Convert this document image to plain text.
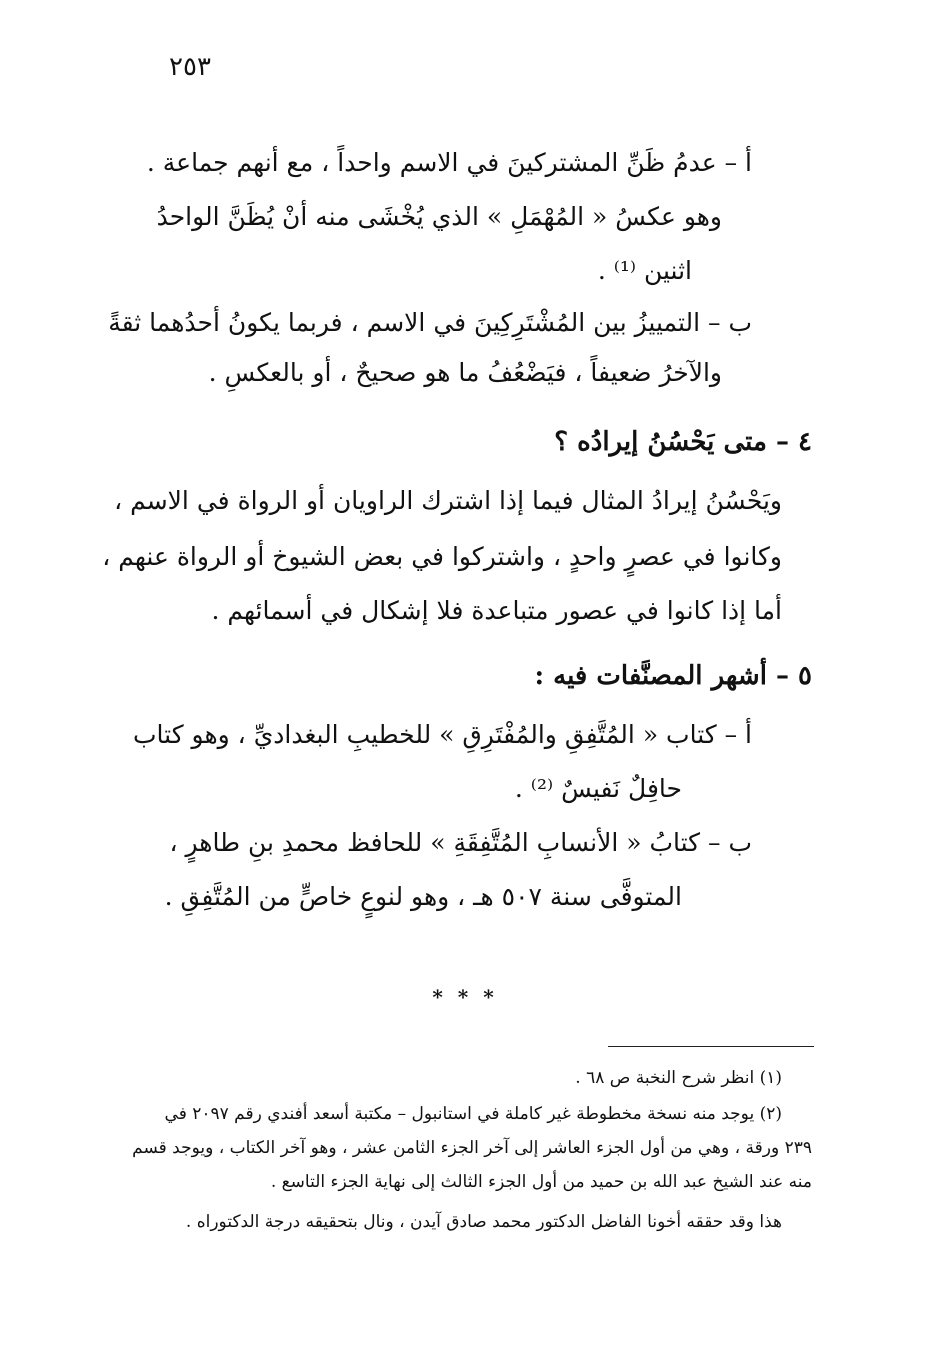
٢٥٣
أ – عدمُ ظَنِّ المشتركينَ في الاسم واحداً ، مع أنهم جماعة .
وهو عكسُ « المُهْمَلِ » الذي يُخْشَى منه أنْ يُظَنَّ الواحدُ
اثنين ⁽¹⁾ .
ب – التمييزُ بين المُشْتَرِكِينَ في الاسم ، فربما يكونُ أحدُهما ثقةً
والآخرُ ضعيفاً ، فيَضْعُفُ ما هو صحيحٌ ، أو بالعكسِ .
٤ – متى يَحْسُنُ إيرادُه ؟
ويَحْسُنُ إيرادُ المثال فيما إذا اشترك الراويان أو الرواة في الاسم ،
وكانوا في عصرٍ واحدٍ ، واشتركوا في بعض الشيوخ أو الرواة عنهم ،
أما إذا كانوا في عصور متباعدة فلا إشكال في أسمائهم .
٥ – أشهر المصنَّفات فيه :
أ – كتاب « المُتَّفِقِ والمُفْتَرِقِ » للخطيبِ البغداديِّ ، وهو كتاب
حافِلٌ نَفيسٌ ⁽²⁾ .
ب – كتابُ « الأنسابِ المُتَّفِقَةِ » للحافظ محمدِ بنِ طاهرٍ ،
المتوفَّى سنة ٥٠٧ هـ ، وهو لنوعٍ خاصٍّ من المُتَّفِقِ .
* * *
(١) انظر شرح النخبة ص ٦٨ .
(٢) يوجد منه نسخة مخطوطة غير كاملة في استانبول – مكتبة أسعد أفندي رقم ٢٠٩٧ في
٢٣٩ ورقة ، وهي من أول الجزء العاشر إلى آخر الجزء الثامن عشر ، وهو آخر الكتاب ، ويوجد قسم
منه عند الشيخ عبد الله بن حميد من أول الجزء الثالث إلى نهاية الجزء التاسع .
هذا وقد حققه أخونا الفاضل الدكتور محمد صادق آيدن ، ونال بتحقيقه درجة الدكتوراه .
